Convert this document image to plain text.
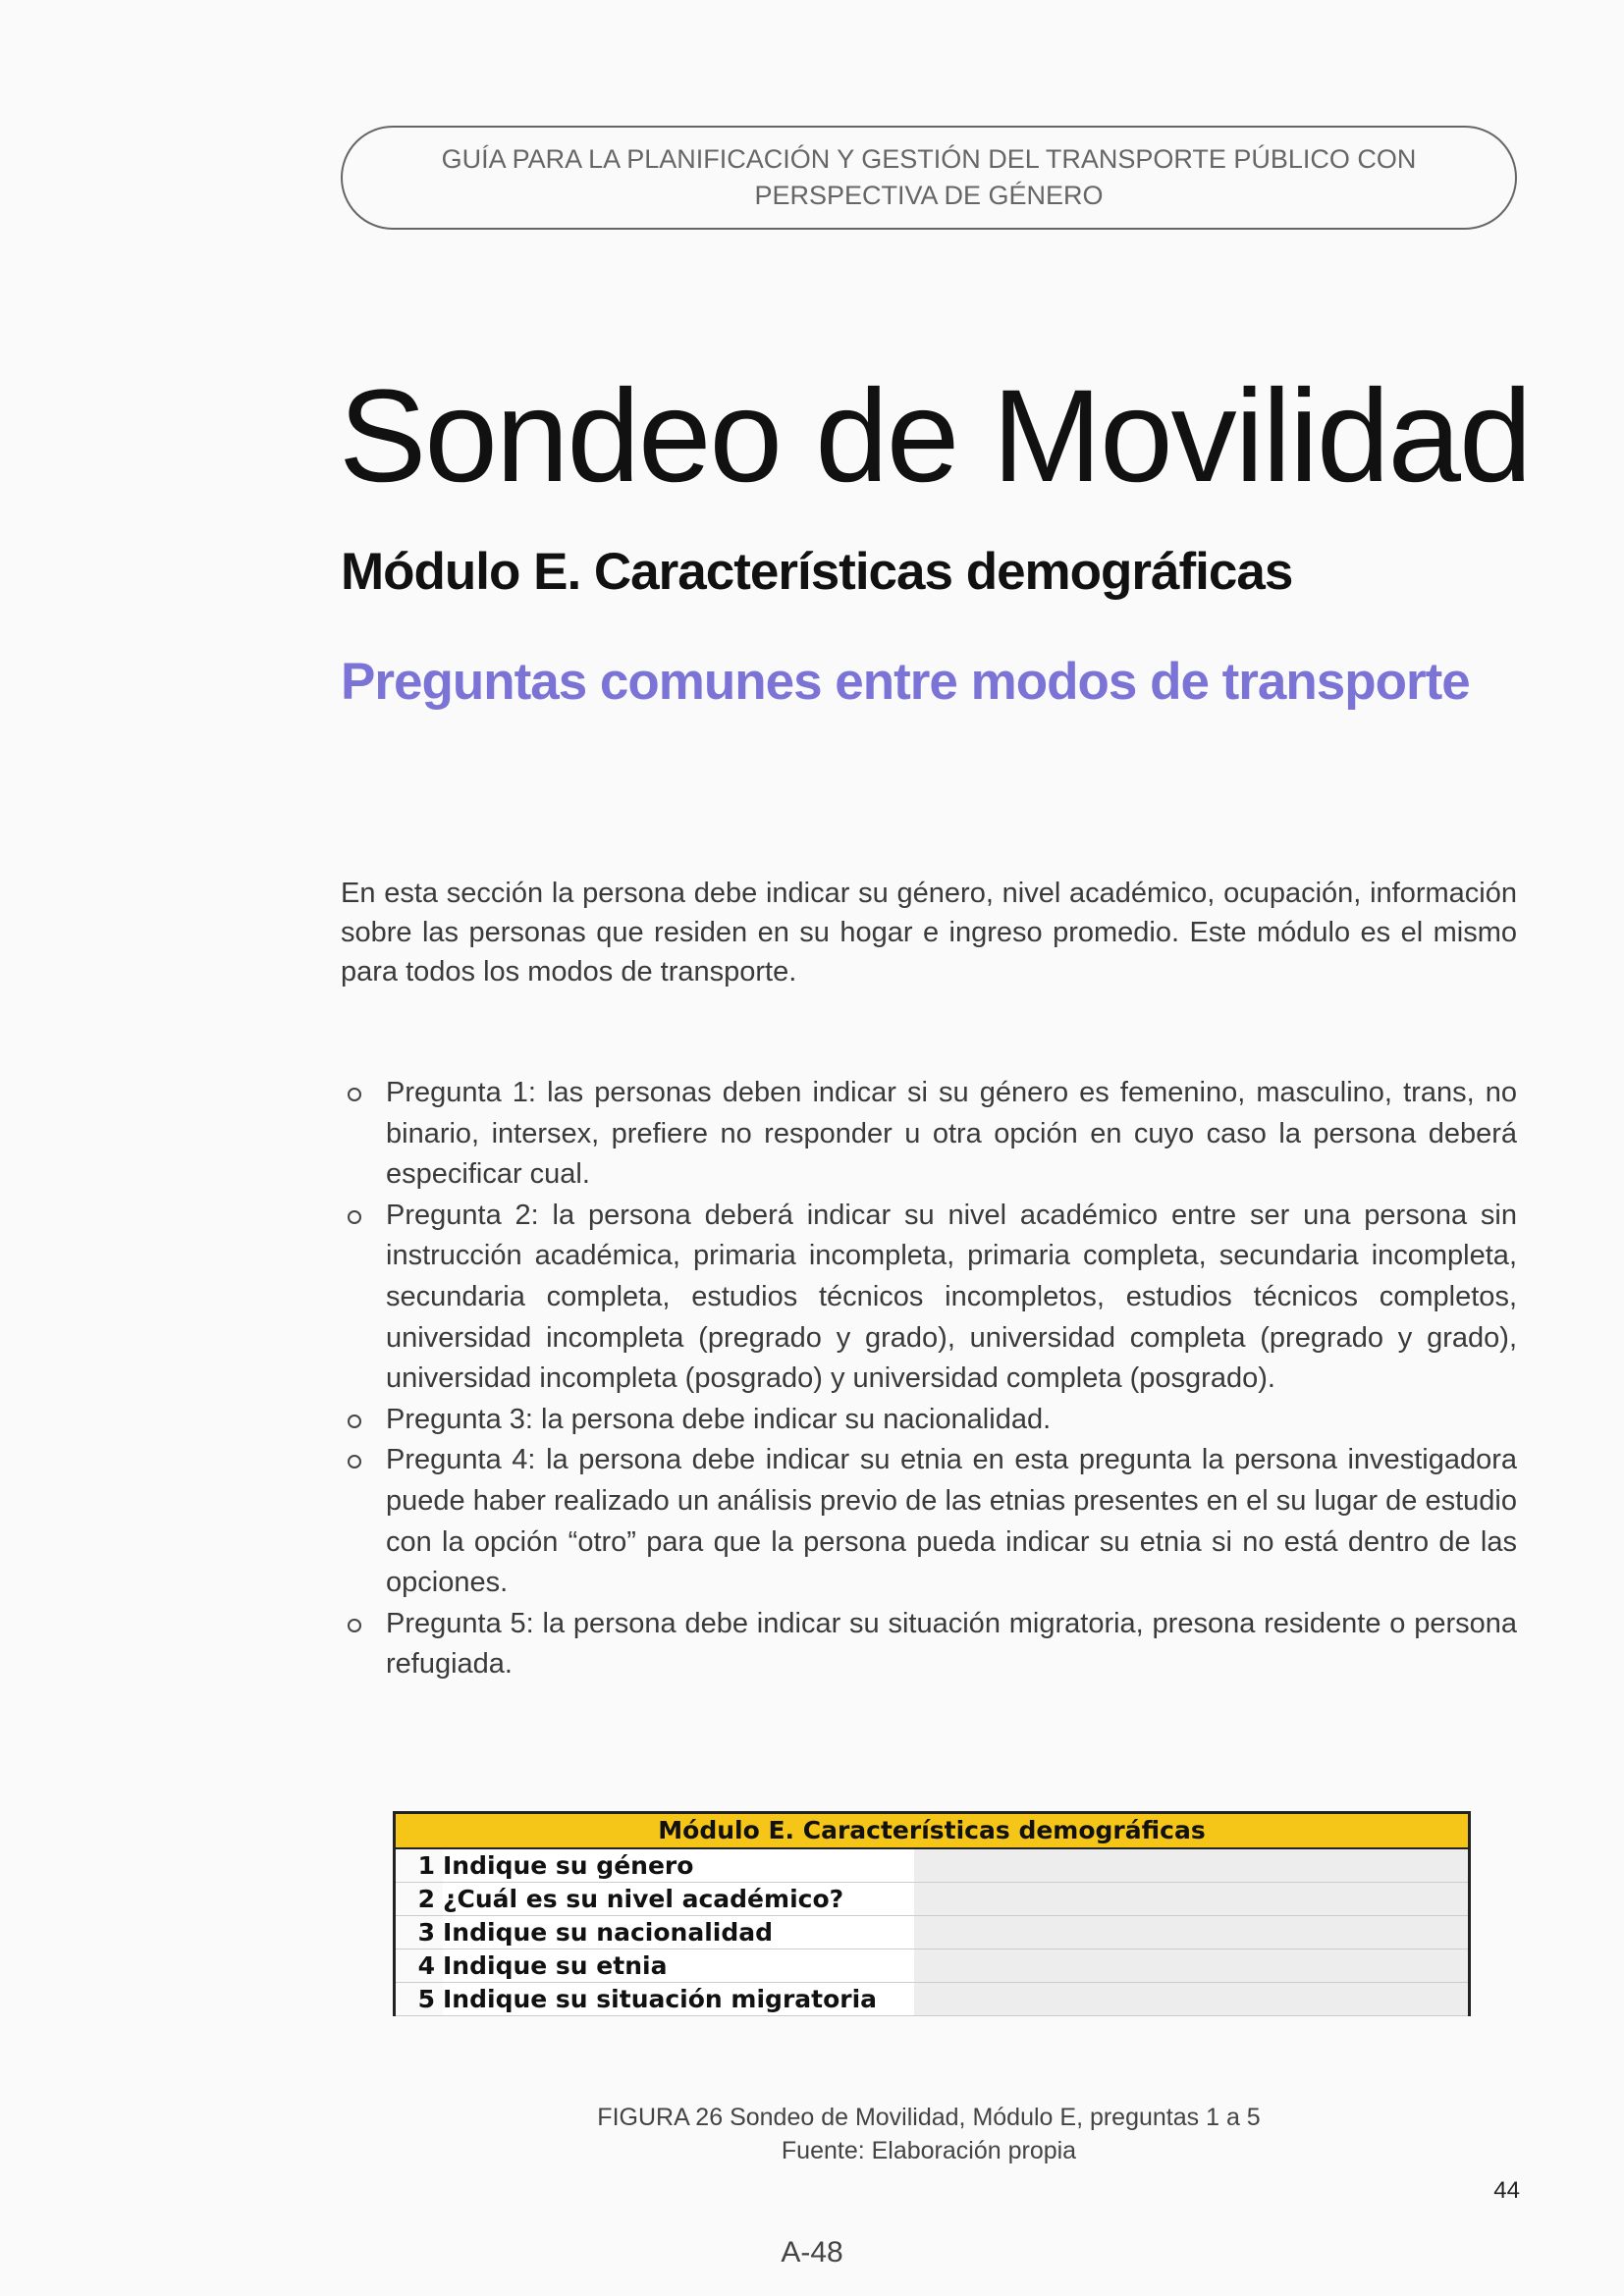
GUÍA PARA LA PLANIFICACIÓN Y GESTIÓN DEL TRANSPORTE PÚBLICO CON
PERSPECTIVA DE GÉNERO
Sondeo de Movilidad
Módulo E. Características demográficas
Preguntas comunes entre modos de transporte

En esta sección la persona debe indicar su género, nivel académico, ocupación, información sobre las personas que residen en su hogar e ingreso promedio. Este módulo es el mismo para todos los modos de transporte.

Pregunta 1: las personas deben indicar si su género es femenino, masculino, trans, no binario, intersex, prefiere no responder u otra opción en cuyo caso la persona deberá especificar cual.
Pregunta 2: la persona deberá indicar su nivel académico entre ser una persona sin instrucción académica, primaria incompleta, primaria completa, secundaria incompleta, secundaria completa, estudios técnicos incompletos, estudios técnicos completos, universidad incompleta (pregrado y grado), universidad completa (pregrado y grado), universidad incompleta (posgrado) y universidad completa (posgrado).
Pregunta 3: la persona debe indicar su nacionalidad.
Pregunta 4: la persona debe indicar su etnia en esta pregunta la persona investigadora puede haber realizado un análisis previo de las etnias presentes en el su lugar de estudio con la opción “otro” para que la persona pueda indicar su etnia si no está dentro de las opciones.
Pregunta 5: la persona debe indicar su situación migratoria, presona residente o persona refugiada.
Módulo E. Características demográficas
1 Indique su género
2 ¿Cuál es su nivel académico?
3 Indique su nacionalidad
4 Indique su etnia
5 Indique su situación migratoria
FIGURA 26 Sondeo de Movilidad, Módulo E, preguntas 1 a 5
Fuente: Elaboración propia
44
A-48
